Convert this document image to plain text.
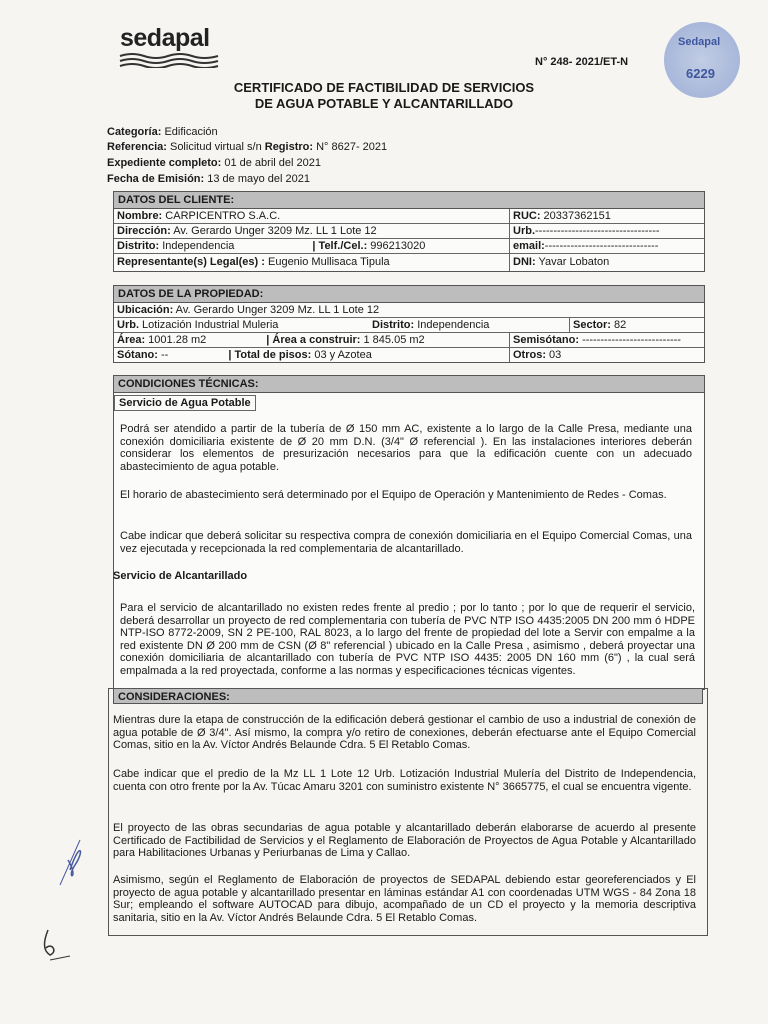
sedapal
N° 248- 2021/ET-N
Sedapal
6229
CERTIFICADO DE FACTIBILIDAD DE SERVICIOS
DE AGUA POTABLE Y ALCANTARILLADO
Categoría: Edificación
Referencia: Solicitud virtual s/n Registro: N° 8627- 2021
Expediente completo: 01 de abril del 2021
Fecha de Emisión: 13 de mayo del 2021
DATOS DEL CLIENTE:
Nombre: CARPICENTRO S.A.C.	RUC: 20337362151
Dirección: Av. Gerardo Unger 3209 Mz. LL 1 Lote 12	Urb.----------------------------------
Distrito: Independencia	| Telf./Cel.: 996213020	email:-------------------------------
Representante(s) Legal(es) : Eugenio Mullisaca Tipula	DNI: Yavar Lobaton
DATOS DE LA PROPIEDAD:
Ubicación: Av. Gerardo Unger 3209 Mz. LL 1 Lote 12
Urb. Lotización Industrial Muleria	Distrito: Independencia	Sector: 82
Área: 1001.28 m2	| Área a construir: 1 845.05 m2	Semisótano: ---------------------------
Sótano: --	| Total de pisos: 03 y Azotea	Otros: 03
CONDICIONES TÉCNICAS:
Servicio de Agua Potable
Podrá ser atendido a partir de la tubería de Ø 150 mm AC, existente a lo largo de la Calle Presa, mediante una conexión domiciliaria existente de Ø 20 mm D.N. (3/4" Ø referencial ). En las instalaciones interiores deberán considerar los elementos de presurización necesarios para que la edificación cuente con un adecuado abastecimiento de agua potable.
El horario de abastecimiento será determinado por el Equipo de Operación y Mantenimiento de Redes - Comas.
Cabe indicar que deberá solicitar su respectiva compra de conexión domiciliaria en el Equipo Comercial Comas, una vez ejecutada y recepcionada la red complementaria de alcantarillado.
Servicio de Alcantarillado
Para el servicio de alcantarillado no existen redes frente al predio ; por lo tanto ; por lo que de requerir el servicio, deberá desarrollar un proyecto de red complementaria con tubería de PVC NTP ISO 4435:2005 DN 200 mm ó HDPE NTP-ISO 8772-2009, SN 2 PE-100, RAL 8023, a lo largo del frente de propiedad del lote a Servir con empalme a la red existente DN Ø 200 mm de CSN (Ø 8" referencial ) ubicado en la Calle Presa , asimismo , deberá proyectar una conexión domiciliaria de alcantarillado con tubería de PVC NTP ISO 4435: 2005 DN 160 mm (6") , la cual será empalmada a la red proyectada, conforme a las normas y especificaciones técnicas vigentes.
CONSIDERACIONES:
Mientras dure la etapa de construcción de la edificación deberá gestionar el cambio de uso a industrial de conexión de agua potable de Ø 3/4". Así mismo, la compra y/o retiro de conexiones, deberán efectuarse ante el Equipo Comercial Comas, sitio en la Av. Víctor Andrés Belaunde Cdra. 5 El Retablo Comas.
Cabe indicar que el predio de la Mz LL 1 Lote 12 Urb. Lotización Industrial Mulería del Distrito de Independencia, cuenta con otro frente por la Av. Túcac Amaru 3201 con suministro existente N° 3665775, el cual se encuentra vigente.
El proyecto de las obras secundarias de agua potable y alcantarillado deberán elaborarse de acuerdo al presente Certificado de Factibilidad de Servicios y el Reglamento de Elaboración de Proyectos de Agua Potable y Alcantarillado para Habilitaciones Urbanas y Periurbanas de Lima y Callao.
Asimismo, según el Reglamento de Elaboración de proyectos de SEDAPAL debiendo estar georeferenciados y El proyecto de agua potable y alcantarillado presentar en láminas estándar A1 con coordenadas UTM WGS - 84 Zona 18 Sur; empleando el software AUTOCAD para dibujo, acompañado de un CD el proyecto y la memoria descriptiva sanitaria, sitio en la Av. Víctor Andrés Belaunde Cdra. 5 El Retablo Comas.
